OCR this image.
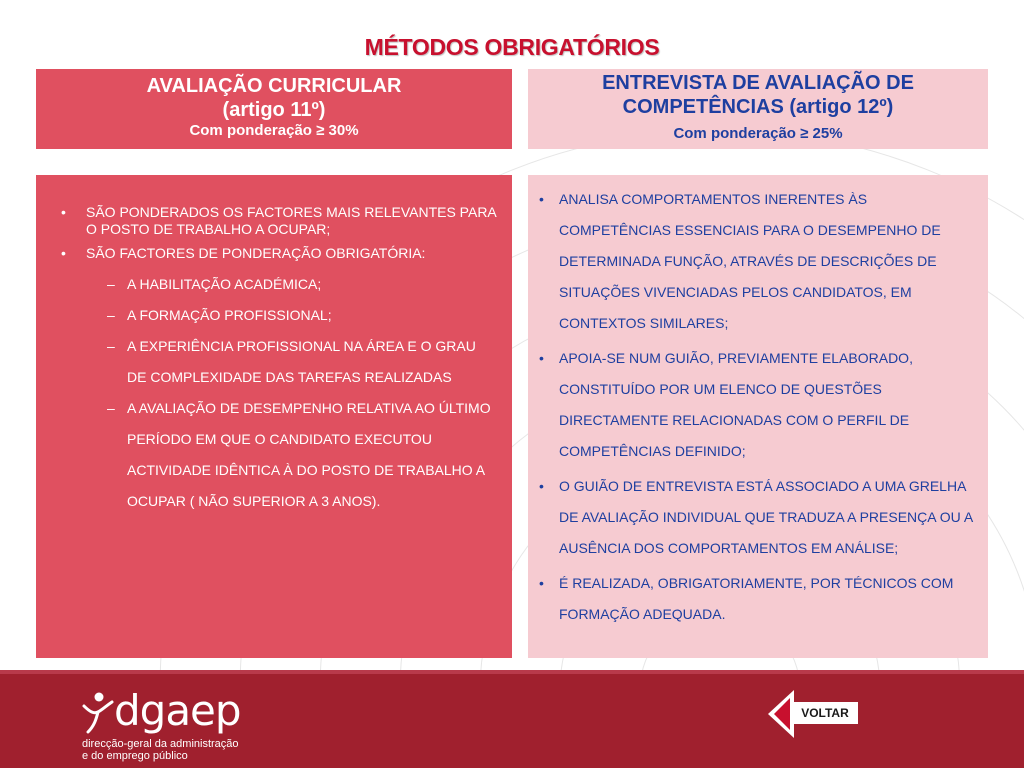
MÉTODOS OBRIGATÓRIOS
AVALIAÇÃO CURRICULAR
(artigo 11º)
Com ponderação ≥ 30%
ENTREVISTA DE AVALIAÇÃO DE
COMPETÊNCIAS (artigo 12º)
Com ponderação ≥ 25%
• SÃO PONDERADOS OS FACTORES MAIS RELEVANTES PARA O POSTO DE TRABALHO A OCUPAR;
• SÃO FACTORES DE PONDERAÇÃO OBRIGATÓRIA:
– A HABILITAÇÃO ACADÉMICA;
– A FORMAÇÃO PROFISSIONAL;
– A EXPERIÊNCIA PROFISSIONAL NA ÁREA E O GRAU DE COMPLEXIDADE DAS TAREFAS REALIZADAS
– A AVALIAÇÃO DE DESEMPENHO RELATIVA AO ÚLTIMO PERÍODO EM QUE O CANDIDATO EXECUTOU ACTIVIDADE IDÊNTICA À DO POSTO DE TRABALHO A OCUPAR ( NÃO SUPERIOR A 3 ANOS).
• ANALISA COMPORTAMENTOS INERENTES ÀS COMPETÊNCIAS ESSENCIAIS PARA O DESEMPENHO DE DETERMINADA FUNÇÃO, ATRAVÉS DE DESCRIÇÕES DE SITUAÇÕES VIVENCIADAS PELOS CANDIDATOS, EM CONTEXTOS SIMILARES;
• APOIA-SE NUM GUIÃO, PREVIAMENTE ELABORADO, CONSTITUÍDO POR UM ELENCO DE QUESTÕES DIRECTAMENTE RELACIONADAS COM O PERFIL DE COMPETÊNCIAS DEFINIDO;
• O GUIÃO DE ENTREVISTA ESTÁ ASSOCIADO A UMA GRELHA DE AVALIAÇÃO INDIVIDUAL QUE TRADUZA A PRESENÇA OU A AUSÊNCIA DOS COMPORTAMENTOS EM ANÁLISE;
• É REALIZADA, OBRIGATORIAMENTE, POR TÉCNICOS COM FORMAÇÃO ADEQUADA.
dgaep
direcção-geral da administração
e do emprego público
VOLTAR
